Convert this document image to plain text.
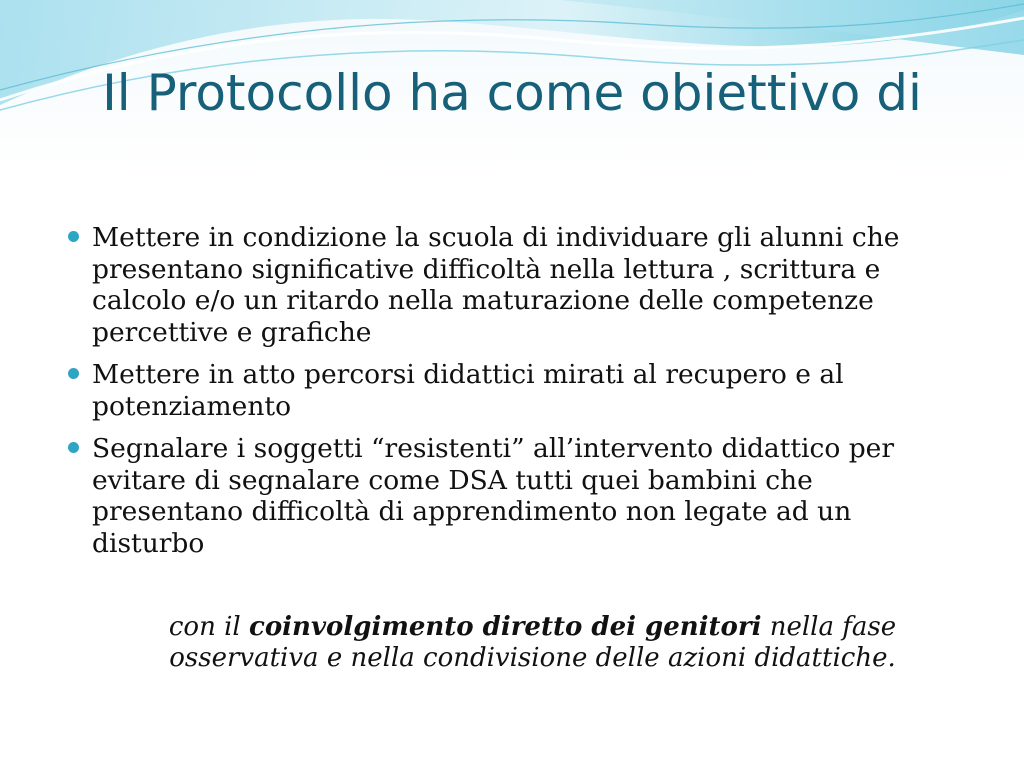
Il Protocollo ha come obiettivo di
Mettere in condizione la scuola di individuare gli alunni che presentano significative difficoltà nella lettura , scrittura e calcolo e/o un ritardo nella maturazione delle competenze percettive e grafiche
Mettere in atto percorsi didattici mirati al recupero e al potenziamento
Segnalare i soggetti “resistenti” all’intervento didattico per evitare di segnalare come DSA tutti quei bambini che presentano difficoltà di apprendimento non legate ad un disturbo

con il coinvolgimento diretto dei genitori nella fase osservativa e nella condivisione delle azioni didattiche.
